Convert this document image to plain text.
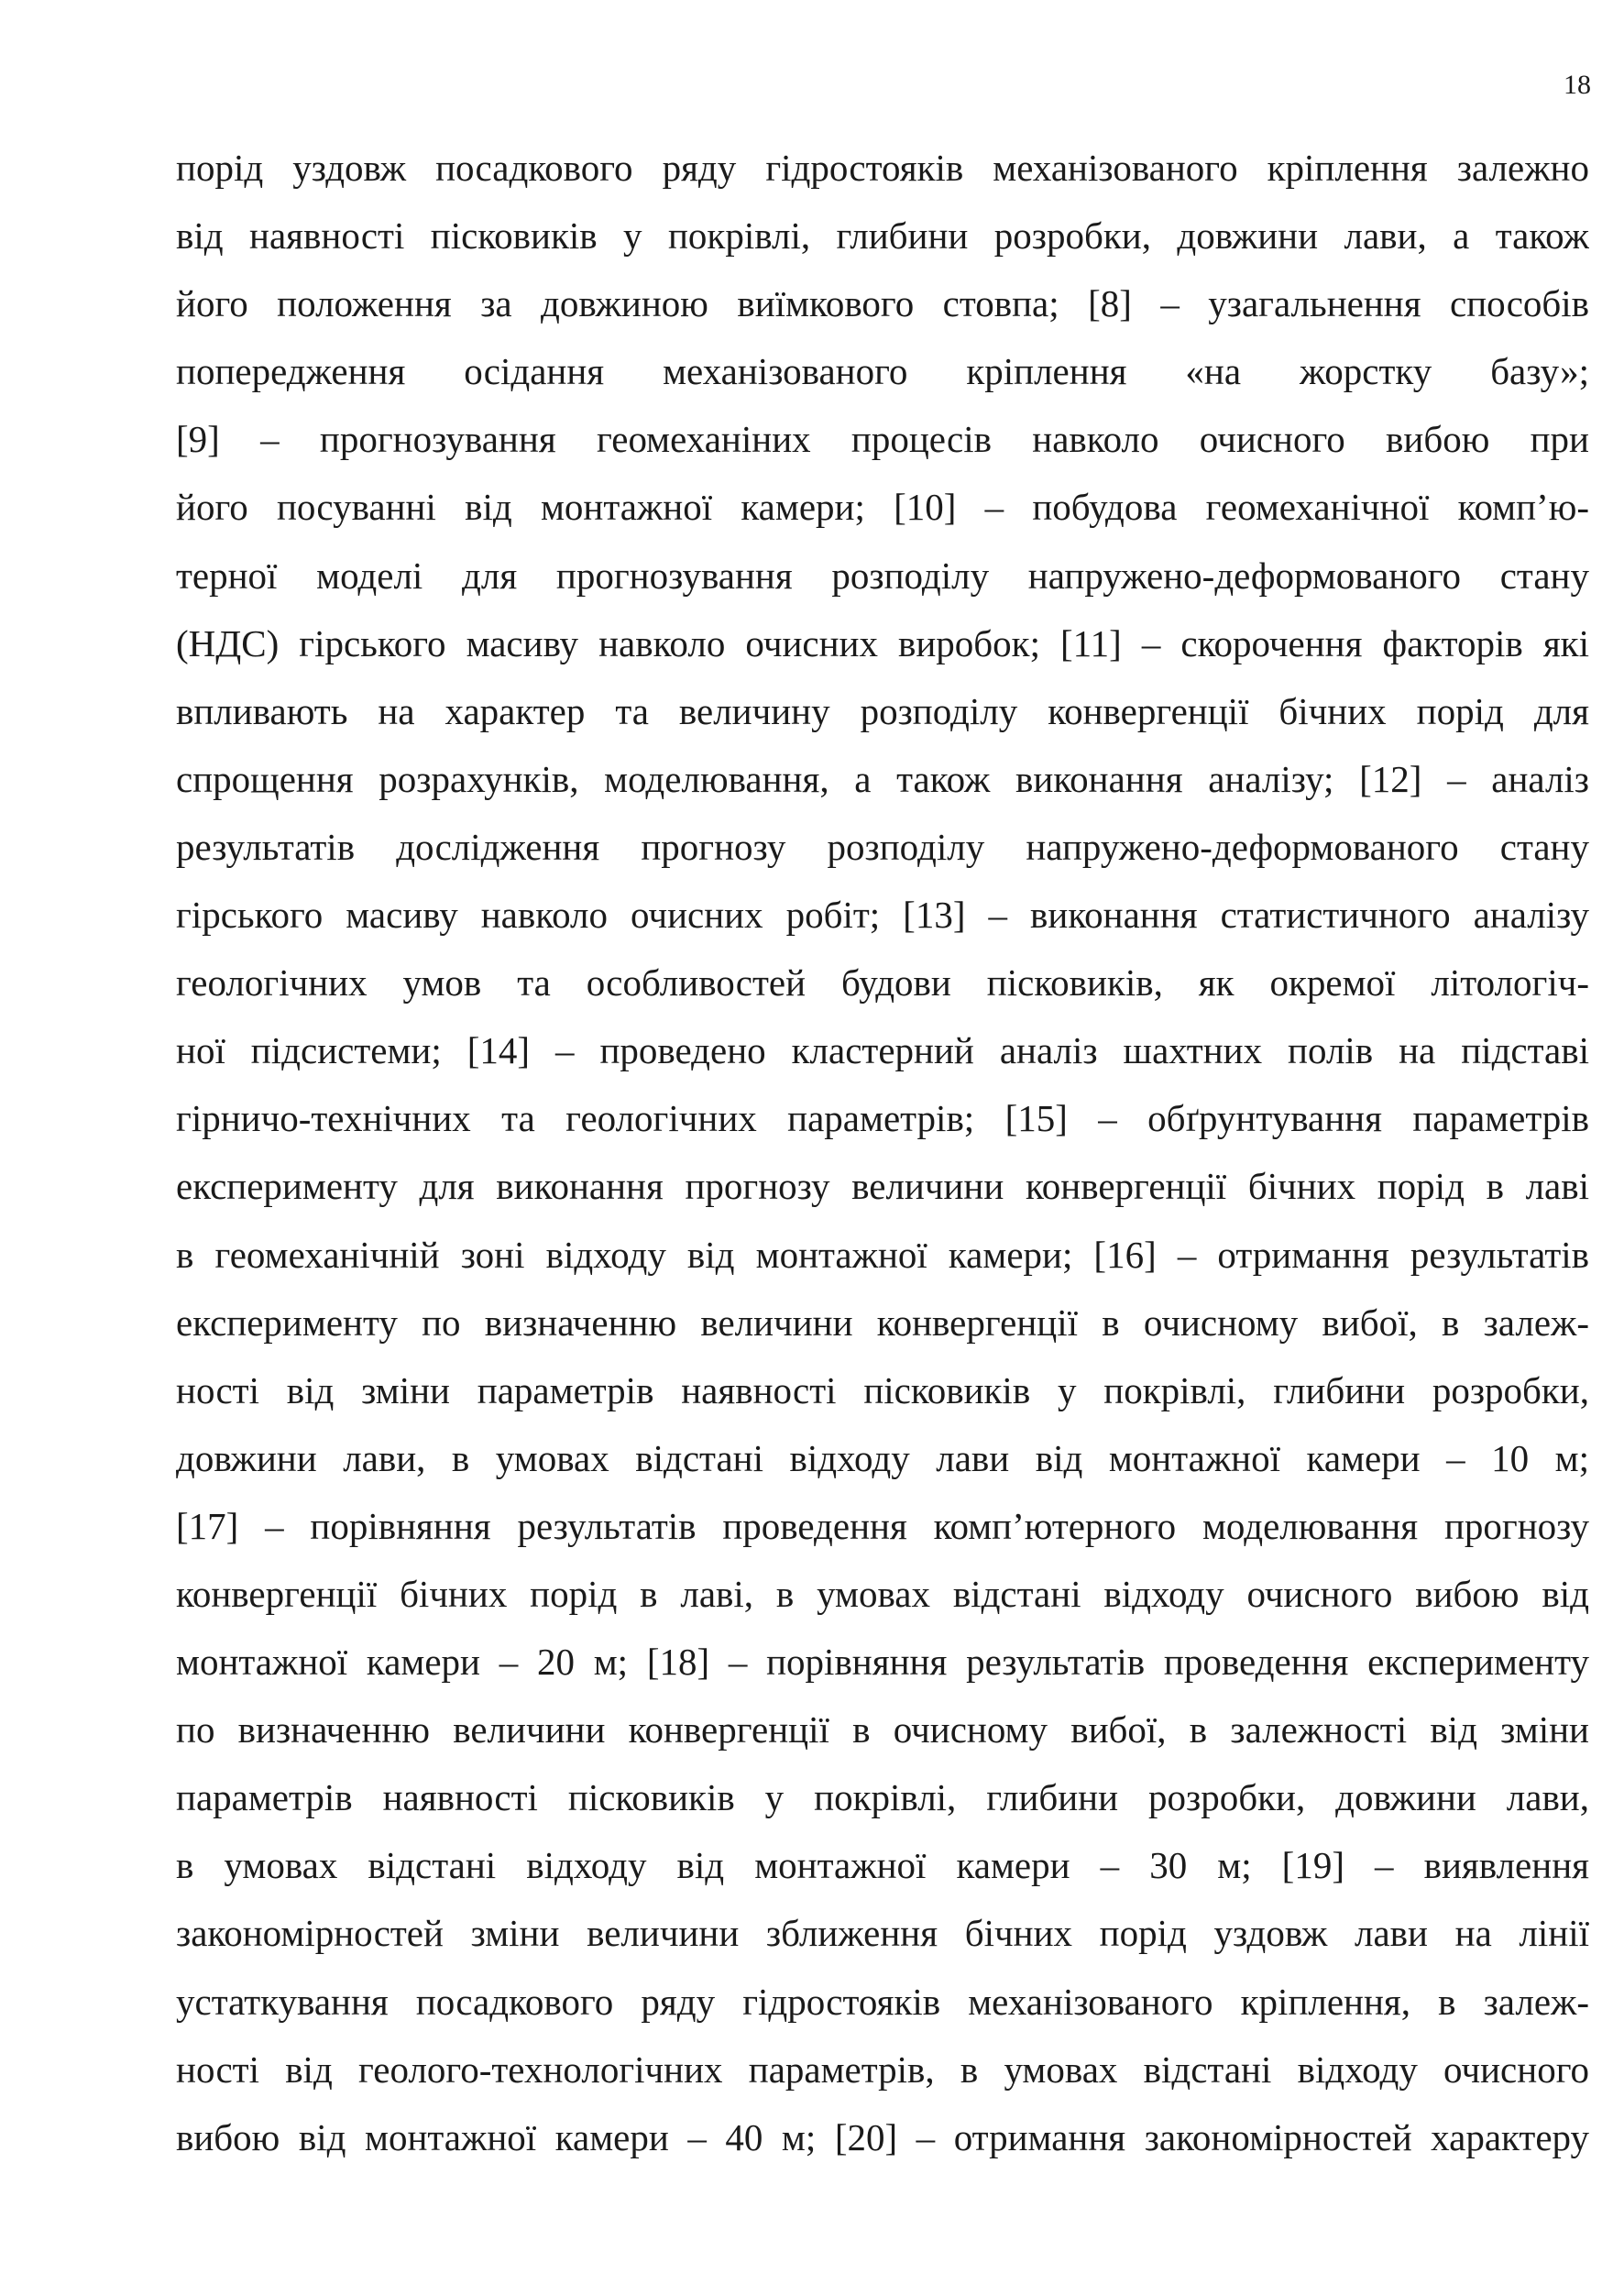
18
порід уздовж посадкового ряду гідростояків механізованого кріплення залежно
від наявності пісковиків у покрівлі, глибини розробки, довжини лави, а також
його положення за довжиною виїмкового стовпа; [8] – узагальнення способів
попередження осідання механізованого кріплення «на жорстку базу»;
[9] – прогнозування геомеханіних процесів навколо очисного вибою при
його посуванні від монтажної камери; [10] – побудова геомеханічної комп’ю-
терної моделі для прогнозування розподілу напружено-деформованого стану
(НДС) гірського масиву навколо очисних виробок; [11] – скорочення факторів які
впливають на характер та величину розподілу конвергенції бічних порід для
спрощення розрахунків, моделювання, а також виконання аналізу; [12] – аналіз
результатів дослідження прогнозу розподілу напружено-деформованого стану
гірського масиву навколо очисних робіт; [13] – виконання статистичного аналізу
геологічних умов та особливостей будови пісковиків, як окремої літологіч-
ної підсистеми; [14] – проведено кластерний аналіз шахтних полів на підставі
гірничо-технічних та геологічних параметрів; [15] – обґрунтування параметрів
експерименту для виконання прогнозу величини конвергенції бічних порід в лаві
в геомеханічній зоні відходу від монтажної камери; [16] – отримання результатів
експерименту по визначенню величини конвергенції в очисному вибої, в залеж-
ності від зміни параметрів наявності пісковиків у покрівлі, глибини розробки,
довжини лави, в умовах відстані відходу лави від монтажної камери – 10 м;
[17] – порівняння результатів проведення комп’ютерного моделювання прогнозу
конвергенції бічних порід в лаві, в умовах відстані відходу очисного вибою від
монтажної камери – 20 м; [18] – порівняння результатів проведення експерименту
по визначенню величини конвергенції в очисному вибої, в залежності від зміни
параметрів наявності пісковиків у покрівлі, глибини розробки, довжини лави,
в умовах відстані відходу від монтажної камери – 30 м; [19] – виявлення
закономірностей зміни величини зближення бічних порід уздовж лави на лінії
устаткування посадкового ряду гідростояків механізованого кріплення, в залеж-
ності від геолого-технологічних параметрів, в умовах відстані відходу очисного
вибою від монтажної камери – 40 м; [20] – отримання закономірностей характеру
